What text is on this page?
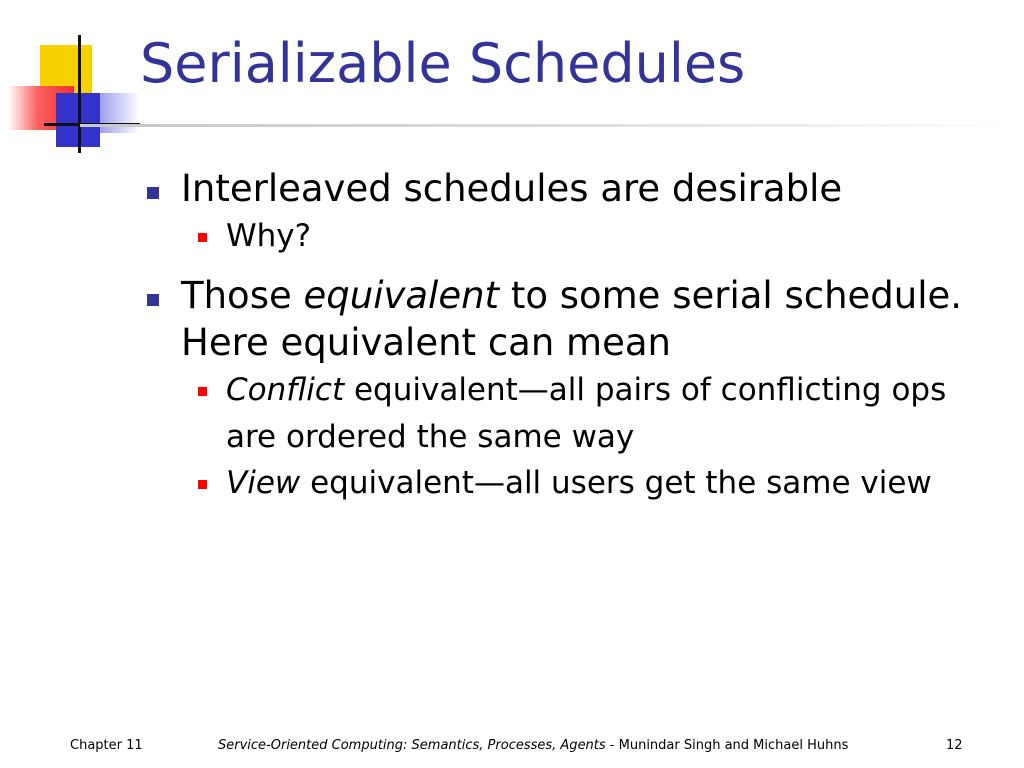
Serializable Schedules
Interleaved schedules are desirable
Why?
Those equivalent to some serial schedule. Here equivalent can mean
Conflict equivalent—all pairs of conflicting ops are ordered the same way
View equivalent—all users get the same view
Chapter 11	Service-Oriented Computing: Semantics, Processes, Agents - Munindar Singh and Michael Huhns	12
